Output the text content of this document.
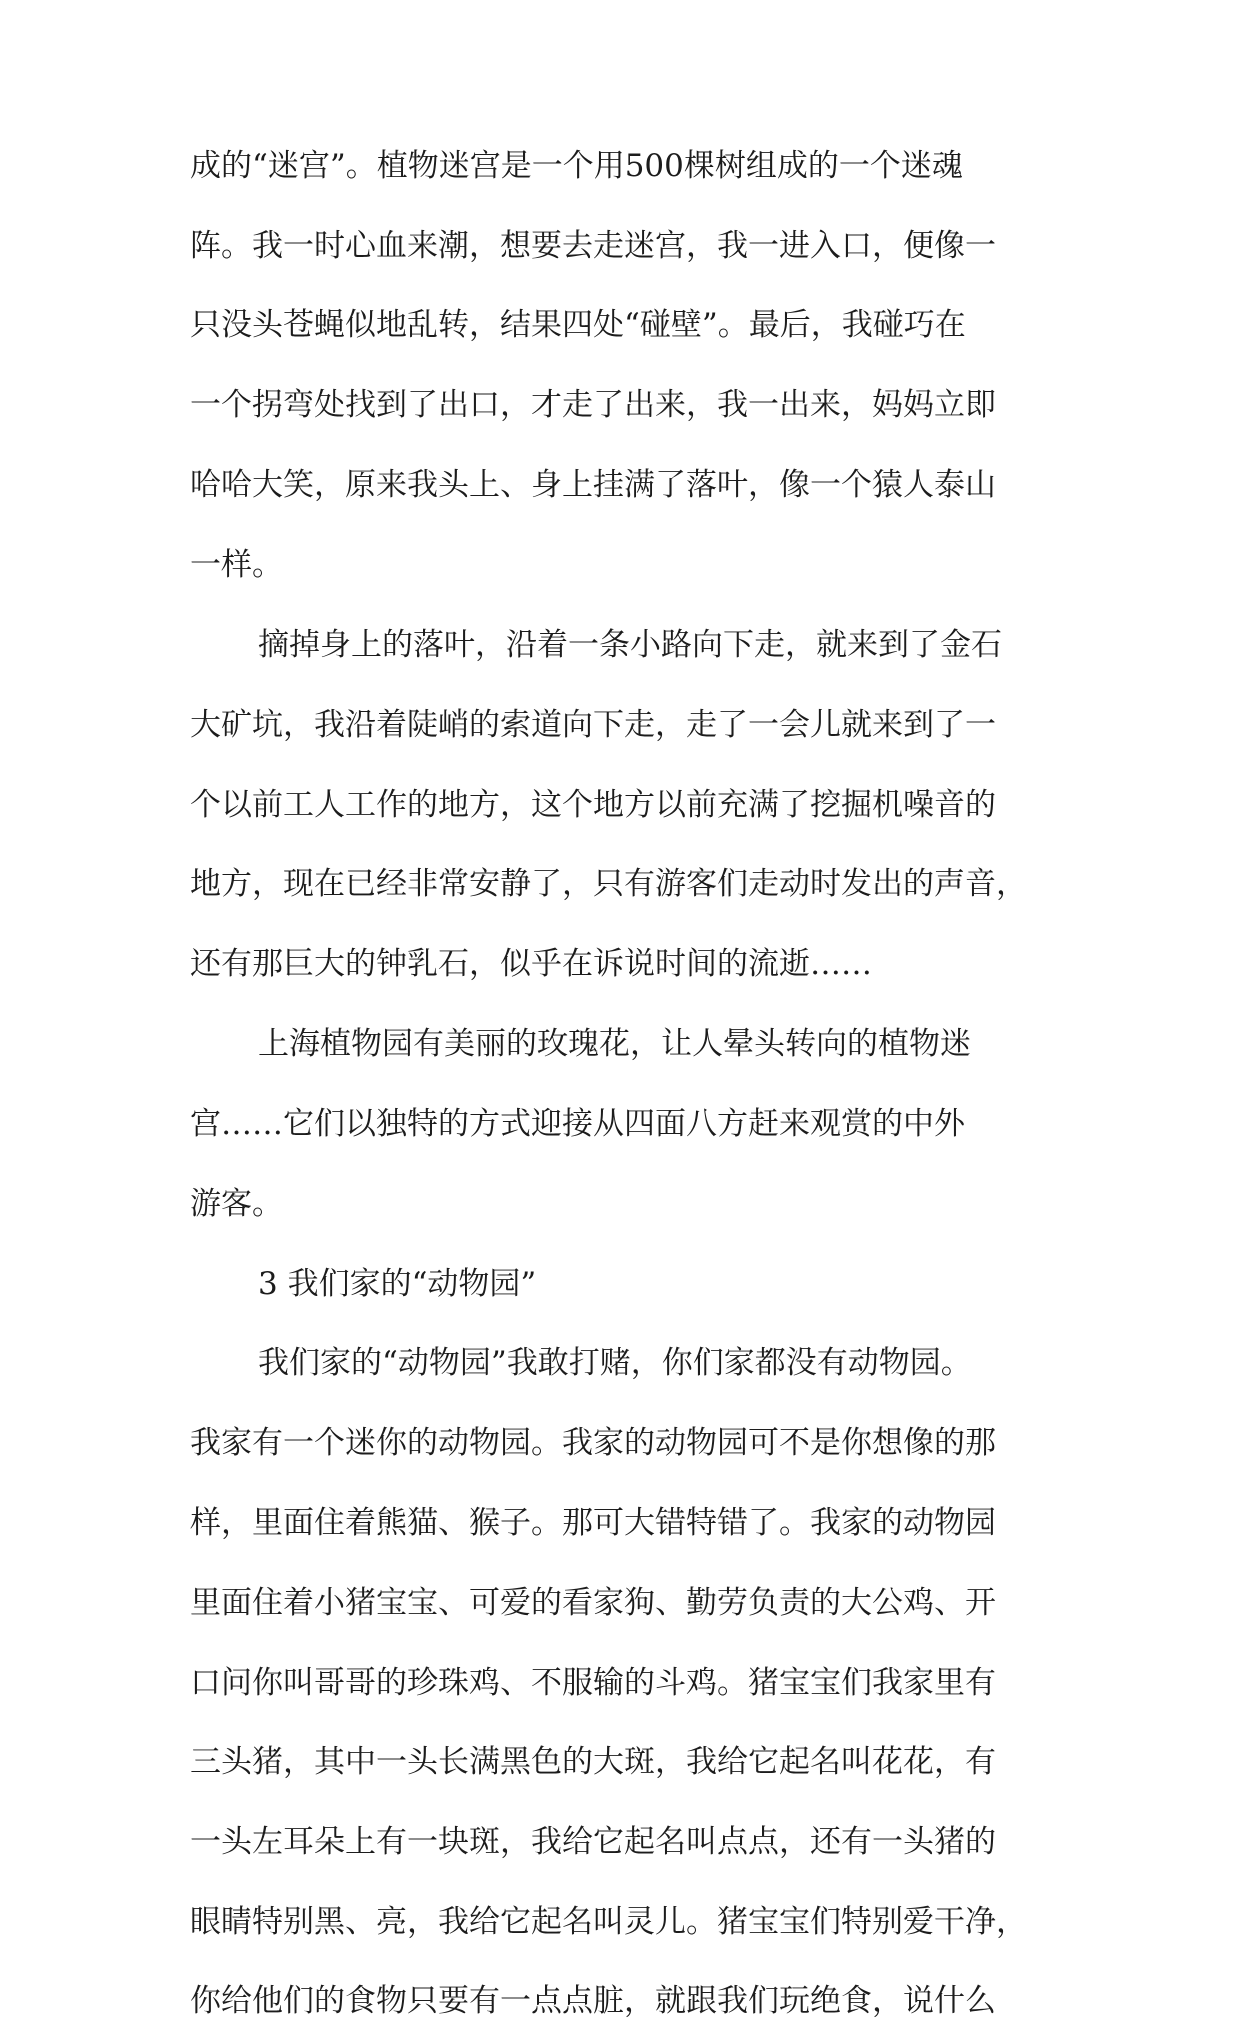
成的“迷宫”。植物迷宫是一个用500棵树组成的一个迷魂

阵。我一时心血来潮，想要去走迷宫，我一进入口，便像一

只没头苍蝇似地乱转，结果四处“碰壁”。最后，我碰巧在

一个拐弯处找到了出口，才走了出来，我一出来，妈妈立即

哈哈大笑，原来我头上、身上挂满了落叶，像一个猿人泰山

一样。

摘掉身上的落叶，沿着一条小路向下走，就来到了金石

大矿坑，我沿着陡峭的索道向下走，走了一会儿就来到了一

个以前工人工作的地方，这个地方以前充满了挖掘机噪音的

地方，现在已经非常安静了，只有游客们走动时发出的声音，

还有那巨大的钟乳石，似乎在诉说时间的流逝……

上海植物园有美丽的玫瑰花，让人晕头转向的植物迷

宫……它们以独特的方式迎接从四面八方赶来观赏的中外

游客。

3 我们家的“动物园”

我们家的“动物园”我敢打赌，你们家都没有动物园。

我家有一个迷你的动物园。我家的动物园可不是你想像的那

样，里面住着熊猫、猴子。那可大错特错了。我家的动物园

里面住着小猪宝宝、可爱的看家狗、勤劳负责的大公鸡、开

口问你叫哥哥的珍珠鸡、不服输的斗鸡。猪宝宝们我家里有

三头猪，其中一头长满黑色的大斑，我给它起名叫花花，有

一头左耳朵上有一块斑，我给它起名叫点点，还有一头猪的

眼睛特别黑、亮，我给它起名叫灵儿。猪宝宝们特别爱干净，

你给他们的食物只要有一点点脏，就跟我们玩绝食，说什么
